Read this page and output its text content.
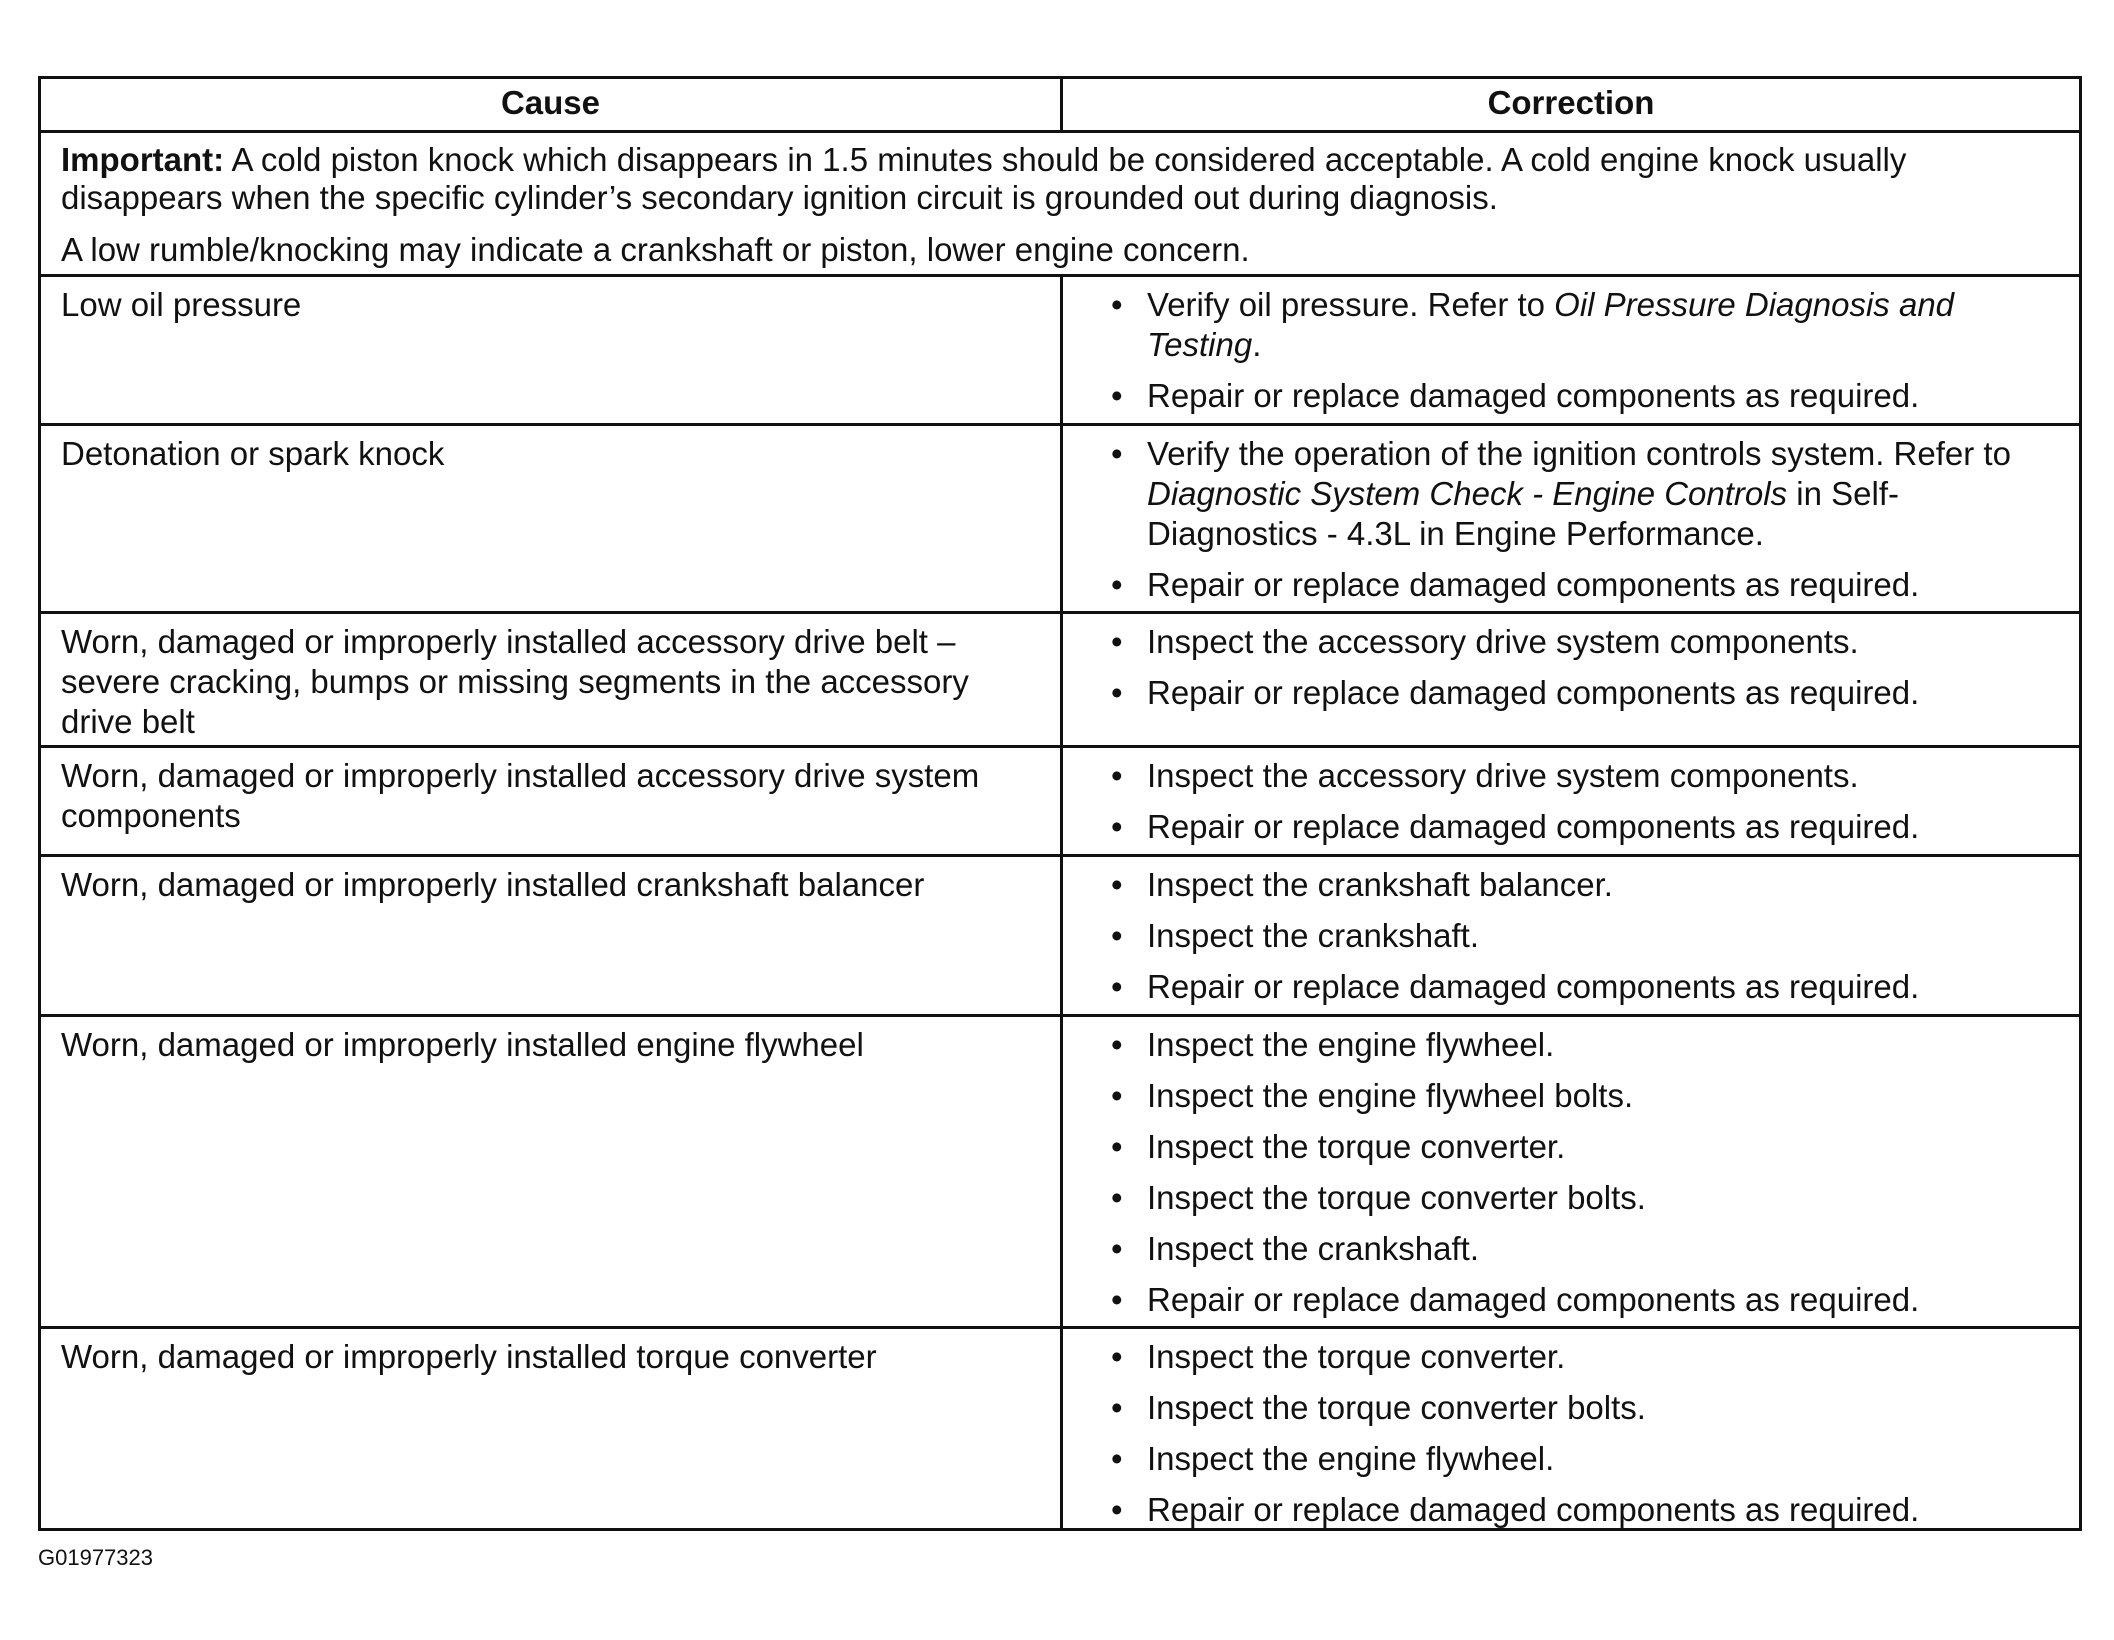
Cause	Correction

Important: A cold piston knock which disappears in 1.5 minutes should be considered acceptable. A cold engine knock usually disappears when the specific cylinder’s secondary ignition circuit is grounded out during diagnosis.

A low rumble/knocking may indicate a crankshaft or piston, lower engine concern.

Low oil pressure	• Verify oil pressure. Refer to Oil Pressure Diagnosis and Testing.
• Repair or replace damaged components as required.
Detonation or spark knock	• Verify the operation of the ignition controls system. Refer to Diagnostic System Check - Engine Controls in Self-Diagnostics - 4.3L in Engine Performance.
• Repair or replace damaged components as required.
Worn, damaged or improperly installed accessory drive belt – severe cracking, bumps or missing segments in the accessory drive belt
• Inspect the accessory drive system components.
• Repair or replace damaged components as required.
Worn, damaged or improperly installed accessory drive system components
• Inspect the accessory drive system components.
• Repair or replace damaged components as required.
Worn, damaged or improperly installed crankshaft balancer	• Inspect the crankshaft balancer.
• Inspect the crankshaft.
• Repair or replace damaged components as required.
Worn, damaged or improperly installed engine flywheel	• Inspect the engine flywheel.
• Inspect the engine flywheel bolts.
• Inspect the torque converter.
• Inspect the torque converter bolts.
• Inspect the crankshaft.
• Repair or replace damaged components as required.
Worn, damaged or improperly installed torque converter	• Inspect the torque converter.
• Inspect the torque converter bolts.
• Inspect the engine flywheel.
• Repair or replace damaged components as required.
G01977323
